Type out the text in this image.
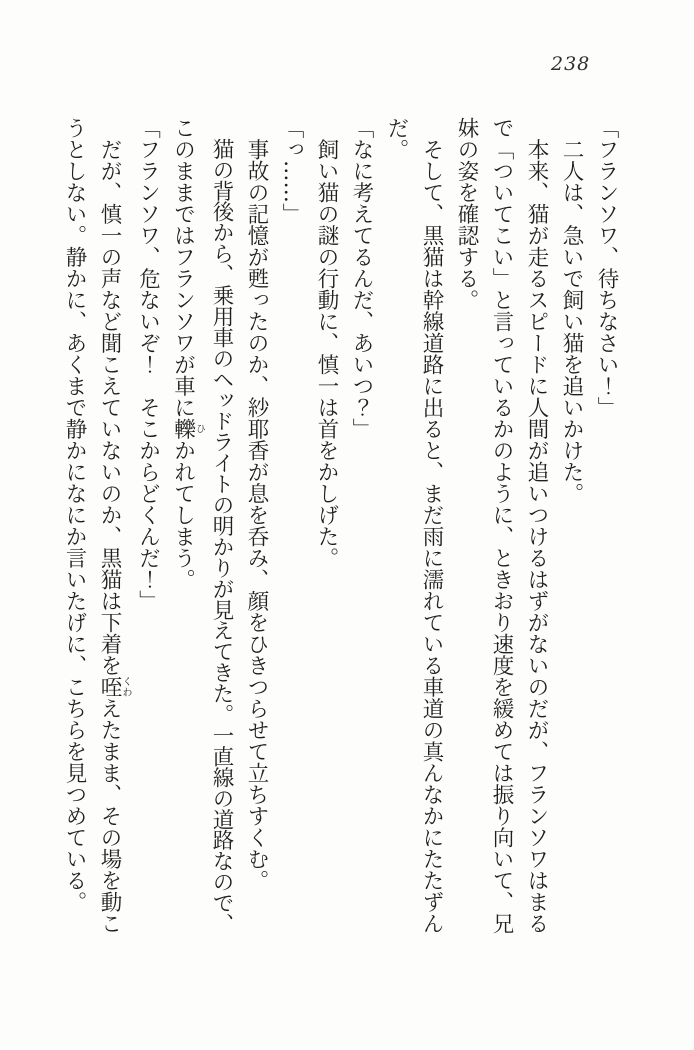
238
「フランソワ、待ちなさい！」
　二人は、急いで飼い猫を追いかけた。
　本来、猫が走るスピードに人間が追いつけるはずがないのだが、フランソワはまる
で「ついてこい」と言っているかのように、ときおり速度を緩めては振り向いて、兄
妹の姿を確認する。
　そして、黒猫は幹線道路に出ると、まだ雨に濡れている車道の真んなかにたたずん
だ。
「なに考えてるんだ、あいつ？」
　飼い猫の謎の行動に、慎一は首をかしげた。
「っ……」
　事故の記憶が甦ったのか、紗耶香が息を呑み、顔をひきつらせて立ちすくむ。
　猫の背後から、乗用車のヘッドライトの明かりが見えてきた。一直線の道路なので、
このままではフランソワが車に轢ひかれてしまう。
「フランソワ、危ないぞ！　そこからどくんだ！」
　だが、慎一の声など聞こえていないのか、黒猫は下着を咥くわえたまま、その場を動こ
うとしない。静かに、あくまで静かになにか言いたげに、こちらを見つめている。
